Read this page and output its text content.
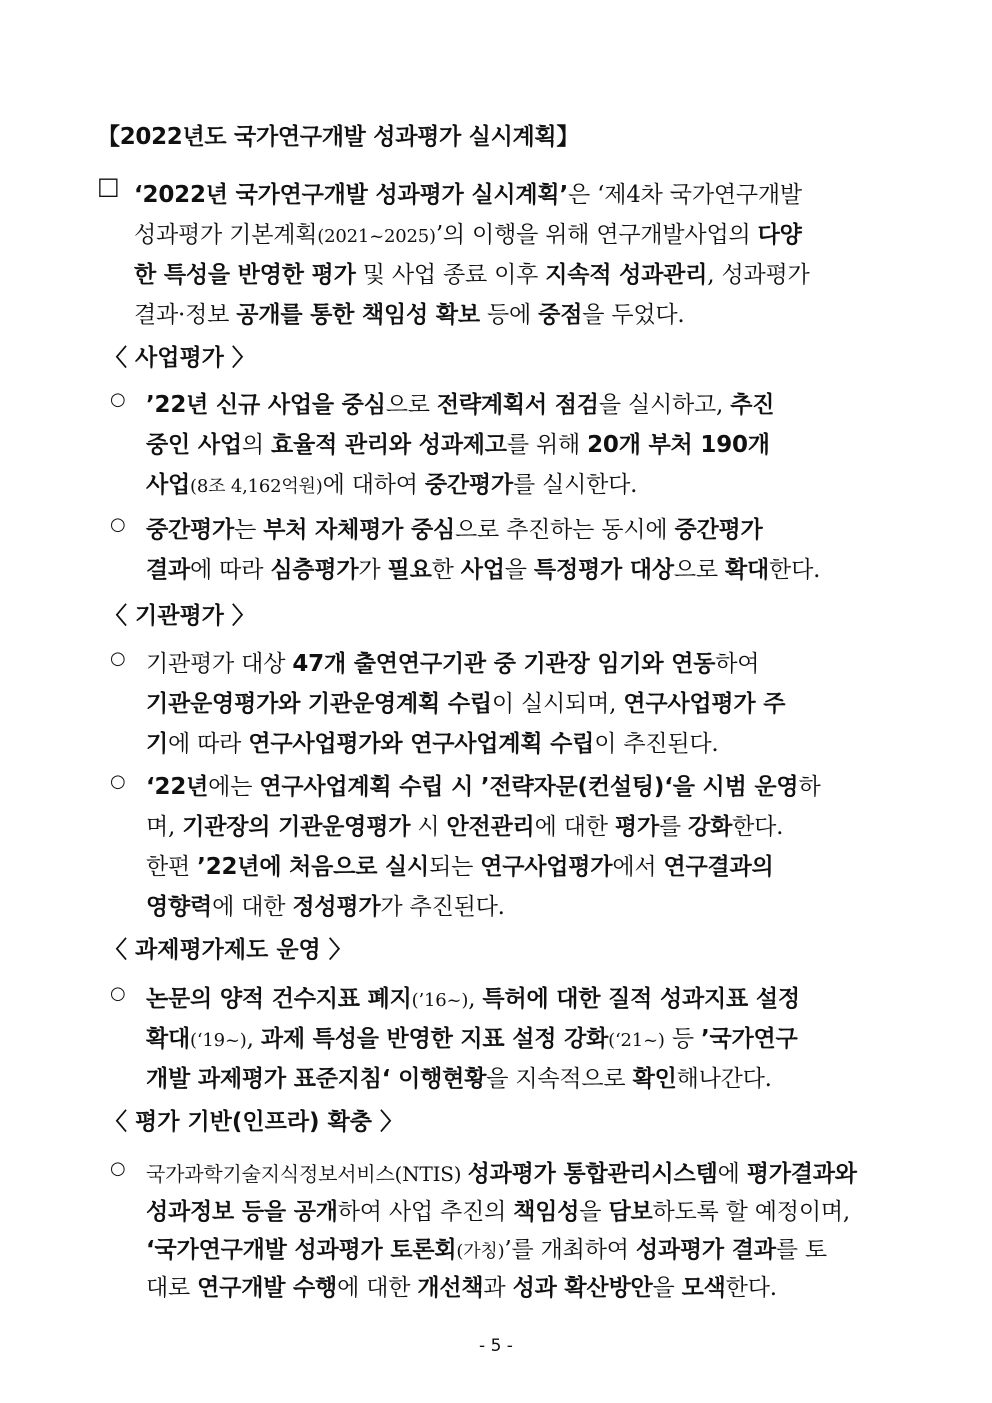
【2022년도 국가연구개발 성과평가 실시계획】
□ ‘2022년 국가연구개발 성과평가 실시계획’은 ‘제4차 국가연구개발
성과평가 기본계획(2021~2025)’의 이행을 위해 연구개발사업의 다양
한 특성을 반영한 평가 및 사업 종료 이후 지속적 성과관리, 성과평가
결과·정보 공개를 통한 책임성 확보 등에 중점을 두었다.
〈 사업평가 〉
○ ’22년 신규 사업을 중심으로 전략계획서 점검을 실시하고, 추진
중인 사업의 효율적 관리와 성과제고를 위해 20개 부처 190개
사업(8조 4,162억원)에 대하여 중간평가를 실시한다.
○ 중간평가는 부처 자체평가 중심으로 추진하는 동시에 중간평가
결과에 따라 심층평가가 필요한 사업을 특정평가 대상으로 확대한다.
〈 기관평가 〉
○ 기관평가 대상 47개 출연연구기관 중 기관장 임기와 연동하여
기관운영평가와 기관운영계획 수립이 실시되며, 연구사업평가 주
기에 따라 연구사업평가와 연구사업계획 수립이 추진된다.
○ ‘22년에는 연구사업계획 수립 시 ’전략자문(컨설팅)‘을 시범 운영하
며, 기관장의 기관운영평가 시 안전관리에 대한 평가를 강화한다.
한편 ’22년에 처음으로 실시되는 연구사업평가에서 연구결과의
영향력에 대한 정성평가가 추진된다.
〈 과제평가제도 운영 〉
○ 논문의 양적 건수지표 폐지(’16~), 특허에 대한 질적 성과지표 설정
확대(‘19~), 과제 특성을 반영한 지표 설정 강화(‘21~) 등 ’국가연구
개발 과제평가 표준지침‘ 이행현황을 지속적으로 확인해나간다.
〈 평가 기반(인프라) 확충 〉
○ 국가과학기술지식정보서비스(NTIS) 성과평가 통합관리시스템에 평가결과와
성과정보 등을 공개하여 사업 추진의 책임성을 담보하도록 할 예정이며,
‘국가연구개발 성과평가 토론회(가칭)’를 개최하여 성과평가 결과를 토
대로 연구개발 수행에 대한 개선책과 성과 확산방안을 모색한다.
- 5 -
